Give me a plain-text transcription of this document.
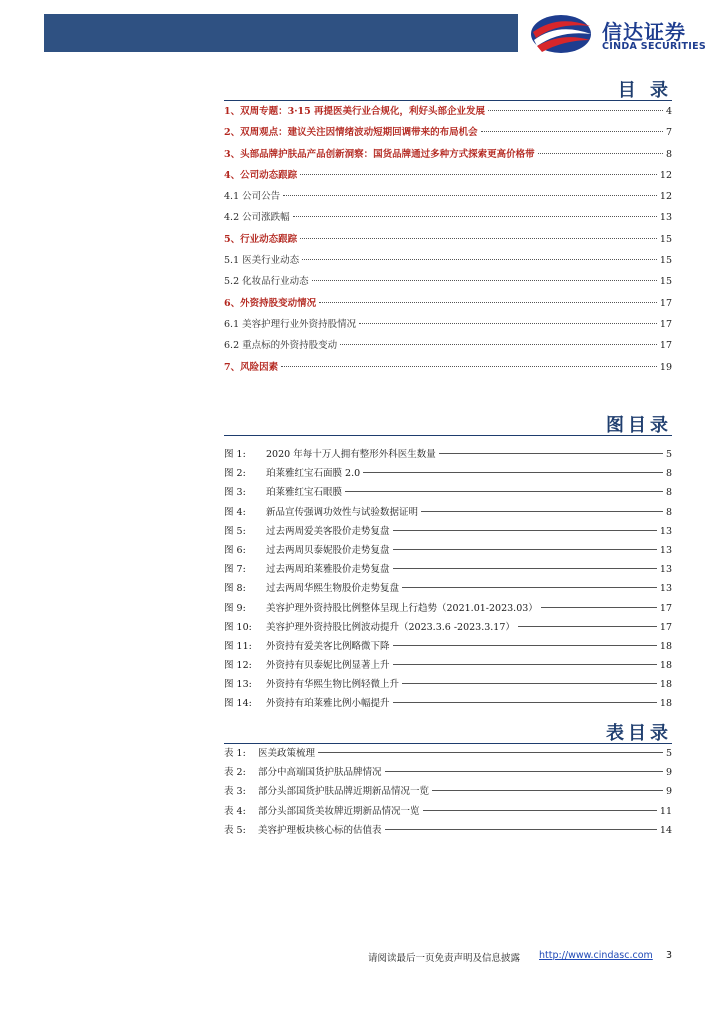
信达证券
CINDA SECURITIES
目 录
1、双周专题：3·15 再提医美行业合规化，利好头部企业发展	4
2、双周观点：建议关注因情绪波动短期回调带来的布局机会	7
3、头部品牌护肤品产品创新洞察：国货品牌通过多种方式探索更高价格带	8
4、公司动态跟踪	12
4.1 公司公告	12
4.2 公司涨跌幅	13
5、行业动态跟踪	15
5.1 医美行业动态	15
5.2 化妆品行业动态	15
6、外资持股变动情况	17
6.1 美容护理行业外资持股情况	17
6.2 重点标的外资持股变动	17
7、风险因素	19
图目录
图 1:	2020 年每十万人拥有整形外科医生数量	5
图 2:	珀莱雅红宝石面膜 2.0	8
图 3:	珀莱雅红宝石眼膜	8
图 4:	新品宣传强调功效性与试验数据证明	8
图 5:	过去两周爱美客股价走势复盘	13
图 6:	过去两周贝泰妮股价走势复盘	13
图 7:	过去两周珀莱雅股价走势复盘	13
图 8:	过去两周华熙生物股价走势复盘	13
图 9:	美容护理外资持股比例整体呈现上行趋势（2021.01-2023.03）	17
图 10:	美容护理外资持股比例波动提升（2023.3.6 -2023.3.17）	17
图 11:	外资持有爱美客比例略微下降	18
图 12:	外资持有贝泰妮比例显著上升	18
图 13:	外资持有华熙生物比例轻微上升	18
图 14:	外资持有珀莱雅比例小幅提升	18
表目录
表 1:	医美政策梳理	5
表 2:	部分中高端国货护肤品牌情况	9
表 3:	部分头部国货护肤品牌近期新品情况一览	9
表 4:	部分头部国货美妆牌近期新品情况一览	11
表 5:	美容护理板块核心标的估值表	14
请阅读最后一页免责声明及信息披露 http://www.cindasc.com 3
